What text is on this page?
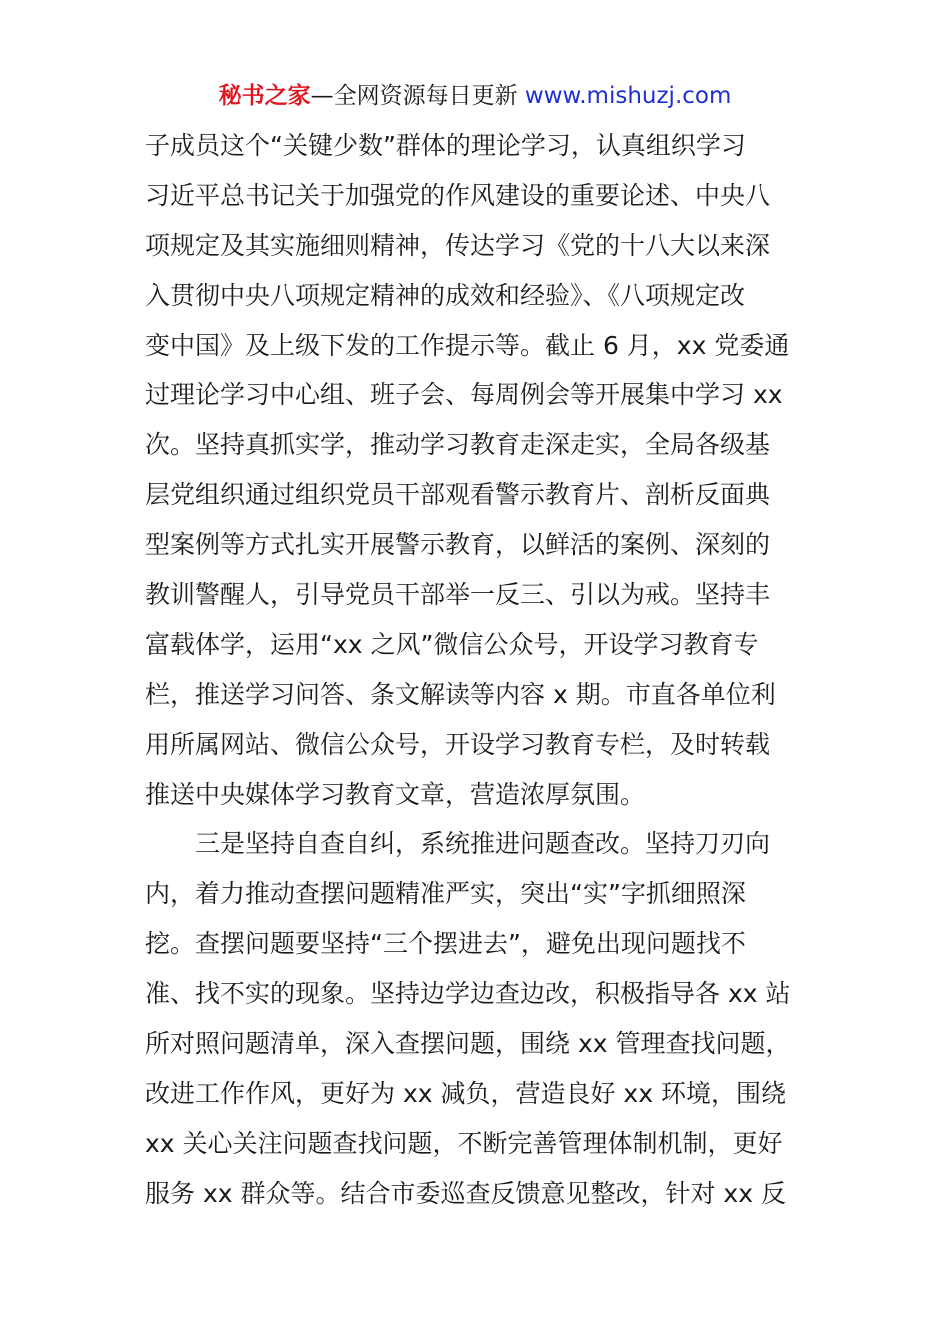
秘书之家—全网资源每日更新 www.mishuzj.com
子成员这个“关键少数”群体的理论学习，认真组织学习
习近平总书记关于加强党的作风建设的重要论述、中央八
项规定及其实施细则精神，传达学习《党的十八大以来深
入贯彻中央八项规定精神的成效和经验》、《八项规定改
变中国》及上级下发的工作提示等。截止 6 月，xx 党委通
过理论学习中心组、班子会、每周例会等开展集中学习 xx
次。坚持真抓实学，推动学习教育走深走实，全局各级基
层党组织通过组织党员干部观看警示教育片、剖析反面典
型案例等方式扎实开展警示教育，以鲜活的案例、深刻的
教训警醒人，引导党员干部举一反三、引以为戒。坚持丰
富载体学，运用“xx 之风”微信公众号，开设学习教育专
栏，推送学习问答、条文解读等内容 x 期。市直各单位利
用所属网站、微信公众号，开设学习教育专栏，及时转载
推送中央媒体学习教育文章，营造浓厚氛围。
　　三是坚持自查自纠，系统推进问题查改。坚持刀刃向
内，着力推动查摆问题精准严实，突出“实”字抓细照深
挖。查摆问题要坚持“三个摆进去”，避免出现问题找不
准、找不实的现象。坚持边学边查边改，积极指导各 xx 站
所对照问题清单，深入查摆问题，围绕 xx 管理查找问题，
改进工作作风，更好为 xx 减负，营造良好 xx 环境，围绕
xx 关心关注问题查找问题，不断完善管理体制机制，更好
服务 xx 群众等。结合市委巡查反馈意见整改，针对 xx 反
